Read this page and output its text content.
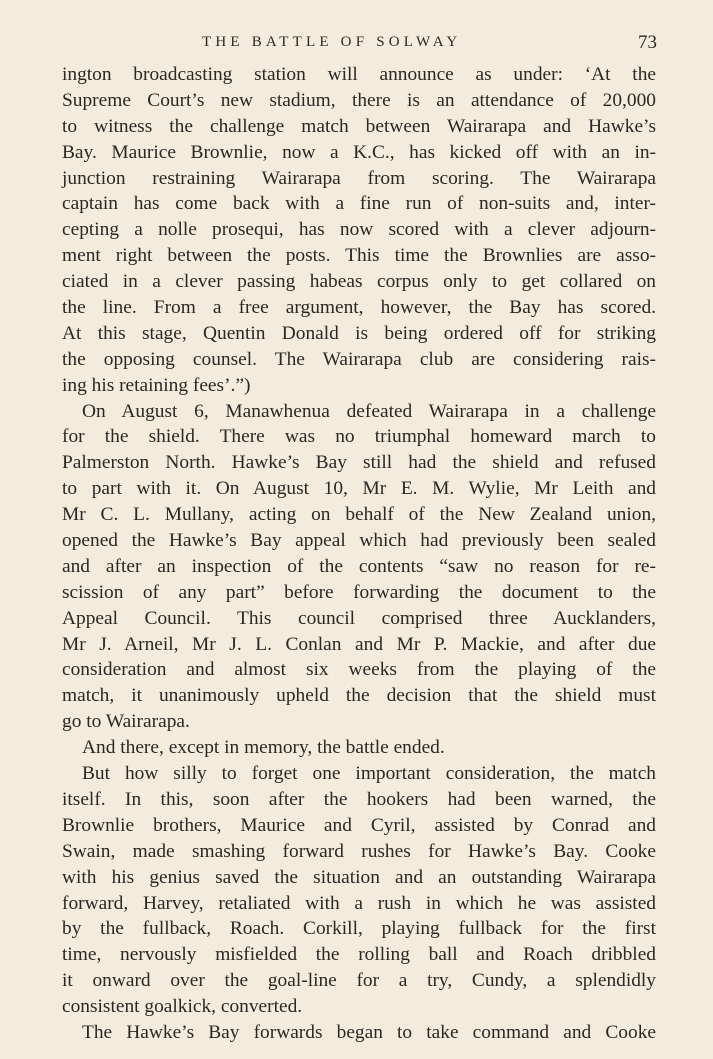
THE BATTLE OF SOLWAY	73
ington broadcasting station will announce as under: ‘At the
Supreme Court’s new stadium, there is an attendance of 20,000
to witness the challenge match between Wairarapa and Hawke’s
Bay. Maurice Brownlie, now a K.C., has kicked off with an in-
junction restraining Wairarapa from scoring. The Wairarapa
captain has come back with a fine run of non-suits and, inter-
cepting a nolle prosequi, has now scored with a clever adjourn-
ment right between the posts. This time the Brownlies are asso-
ciated in a clever passing habeas corpus only to get collared on
the line. From a free argument, however, the Bay has scored.
At this stage, Quentin Donald is being ordered off for striking
the opposing counsel. The Wairarapa club are considering rais-
ing his retaining fees’.”)
On August 6, Manawhenua defeated Wairarapa in a challenge
for the shield. There was no triumphal homeward march to
Palmerston North. Hawke’s Bay still had the shield and refused
to part with it. On August 10, Mr E. M. Wylie, Mr Leith and
Mr C. L. Mullany, acting on behalf of the New Zealand union,
opened the Hawke’s Bay appeal which had previously been sealed
and after an inspection of the contents “saw no reason for re-
scission of any part” before forwarding the document to the
Appeal Council. This council comprised three Aucklanders,
Mr J. Arneil, Mr J. L. Conlan and Mr P. Mackie, and after due
consideration and almost six weeks from the playing of the
match, it unanimously upheld the decision that the shield must
go to Wairarapa.
And there, except in memory, the battle ended.
But how silly to forget one important consideration, the match
itself. In this, soon after the hookers had been warned, the
Brownlie brothers, Maurice and Cyril, assisted by Conrad and
Swain, made smashing forward rushes for Hawke’s Bay. Cooke
with his genius saved the situation and an outstanding Wairarapa
forward, Harvey, retaliated with a rush in which he was assisted
by the fullback, Roach. Corkill, playing fullback for the first
time, nervously misfielded the rolling ball and Roach dribbled
it onward over the goal-line for a try, Cundy, a splendidly
consistent goalkick, converted.
The Hawke’s Bay forwards began to take command and Cooke
